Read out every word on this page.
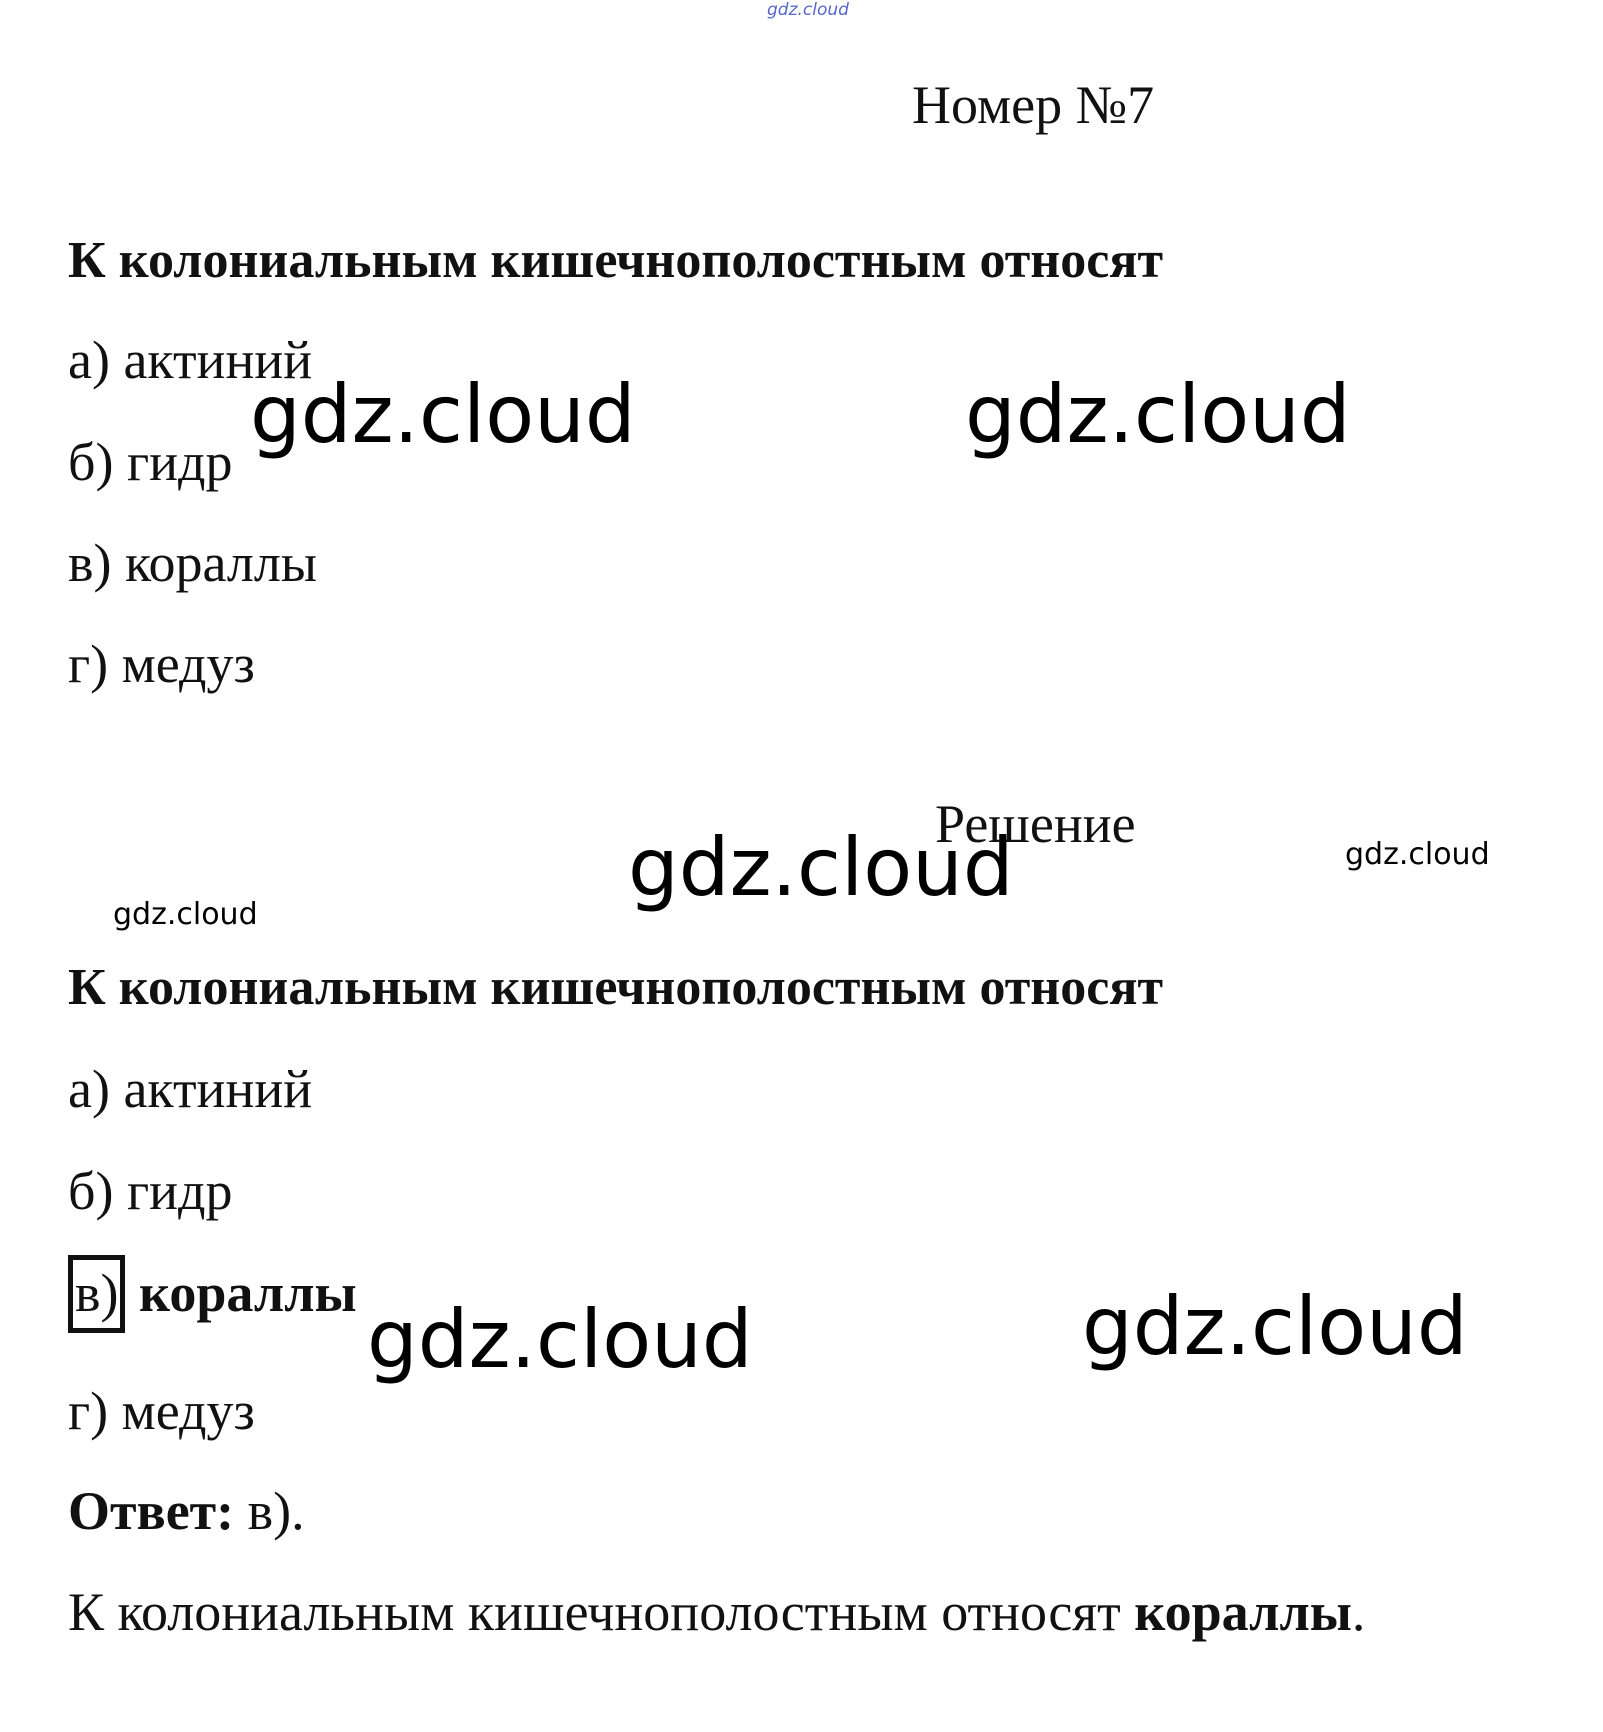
gdz.cloud
Номер №7
К колониальным кишечнополостным относят
а) актиний
б) гидр
в) кораллы
г) медуз
gdz.cloud	gdz.cloud
Решение
gdz.cloud	gdz.cloud
gdz.cloud
К колониальным кишечнополостным относят
а) актиний
б) гидр
в) кораллы
г) медуз
gdz.cloud	gdz.cloud
Ответ: в).
К колониальным кишечнополостным относят кораллы.
